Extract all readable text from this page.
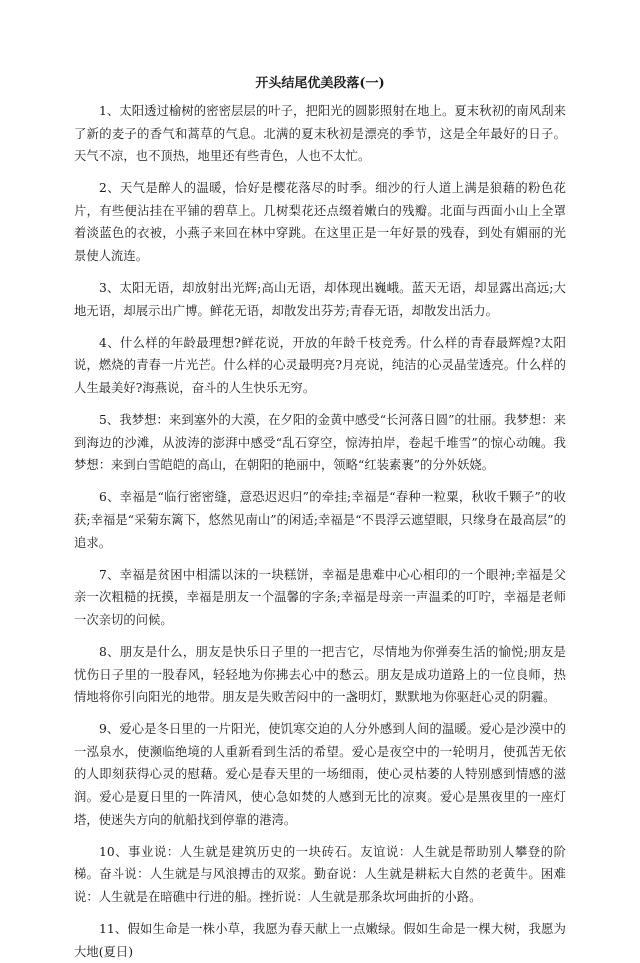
开头结尾优美段落(一)

1、太阳透过榆树的密密层层的叶子，把阳光的圆影照射在地上。夏末秋初的南风刮来了新的麦子的香气和蒿草的气息。北满的夏末秋初是漂亮的季节，这是全年最好的日子。天气不凉，也不顶热，地里还有些青色，人也不太忙。

2、天气是醉人的温暖，恰好是樱花落尽的时季。细沙的行人道上满是狼藉的粉色花片，有些便沾挂在平铺的碧草上。几树梨花还点缀着嫩白的残瓣。北面与西面小山上全罩着淡蓝色的衣被，小燕子来回在林中穿跳。在这里正是一年好景的残春，到处有媚丽的光景使人流连。

3、太阳无语，却放射出光辉;高山无语，却体现出巍峨。蓝天无语，却显露出高远;大地无语，却展示出广博。鲜花无语，却散发出芬芳;青春无语，却散发出活力。

4、什么样的年龄最理想?鲜花说，开放的年龄千枝竞秀。什么样的青春最辉煌?太阳说，燃烧的青春一片光芒。什么样的心灵最明亮?月亮说，纯洁的心灵晶莹透亮。什么样的人生最美好?海燕说，奋斗的人生快乐无穷。

5、我梦想：来到塞外的大漠，在夕阳的金黄中感受“长河落日圆”的壮丽。我梦想：来到海边的沙滩，从波涛的澎湃中感受“乱石穿空，惊涛拍岸，卷起千堆雪”的惊心动魄。我梦想：来到白雪皑皑的高山，在朝阳的艳丽中，领略“红装素裹”的分外妖娆。

6、幸福是“临行密密缝，意恐迟迟归”的牵挂;幸福是“春种一粒粟，秋收千颗子”的收获;幸福是“采菊东篱下，悠然见南山”的闲适;幸福是“不畏浮云遮望眼，只缘身在最高层”的追求。

7、幸福是贫困中相濡以沫的一块糕饼，幸福是患难中心心相印的一个眼神;幸福是父亲一次粗糙的抚摸，幸福是朋友一个温馨的字条;幸福是母亲一声温柔的叮咛，幸福是老师一次亲切的问候。

8、朋友是什么，朋友是快乐日子里的一把吉它，尽情地为你弹奏生活的愉悦;朋友是忧伤日子里的一股春风，轻轻地为你拂去心中的愁云。朋友是成功道路上的一位良师，热情地将你引向阳光的地带。朋友是失败苦闷中的一盏明灯，默默地为你驱赶心灵的阴霾。

9、爱心是冬日里的一片阳光，使饥寒交迫的人分外感到人间的温暖。爱心是沙漠中的一泓泉水，使濒临绝境的人重新看到生活的希望。爱心是夜空中的一轮明月，使孤苦无依的人即刻获得心灵的慰藉。爱心是春天里的一场细雨，使心灵枯萎的人特别感到情感的滋润。爱心是夏日里的一阵清风，使心急如焚的人感到无比的凉爽。爱心是黑夜里的一座灯塔，使迷失方向的航船找到停靠的港湾。

10、事业说：人生就是建筑历史的一块砖石。友谊说：人生就是帮助别人攀登的阶梯。奋斗说：人生就是与风浪搏击的双浆。勤奋说：人生就是耕耘大自然的老黄牛。困难说：人生就是在暗礁中行进的船。挫折说：人生就是那条坎坷曲折的小路。

11、假如生命是一株小草，我愿为春天献上一点嫩绿。假如生命是一棵大树，我愿为大地(夏日)
